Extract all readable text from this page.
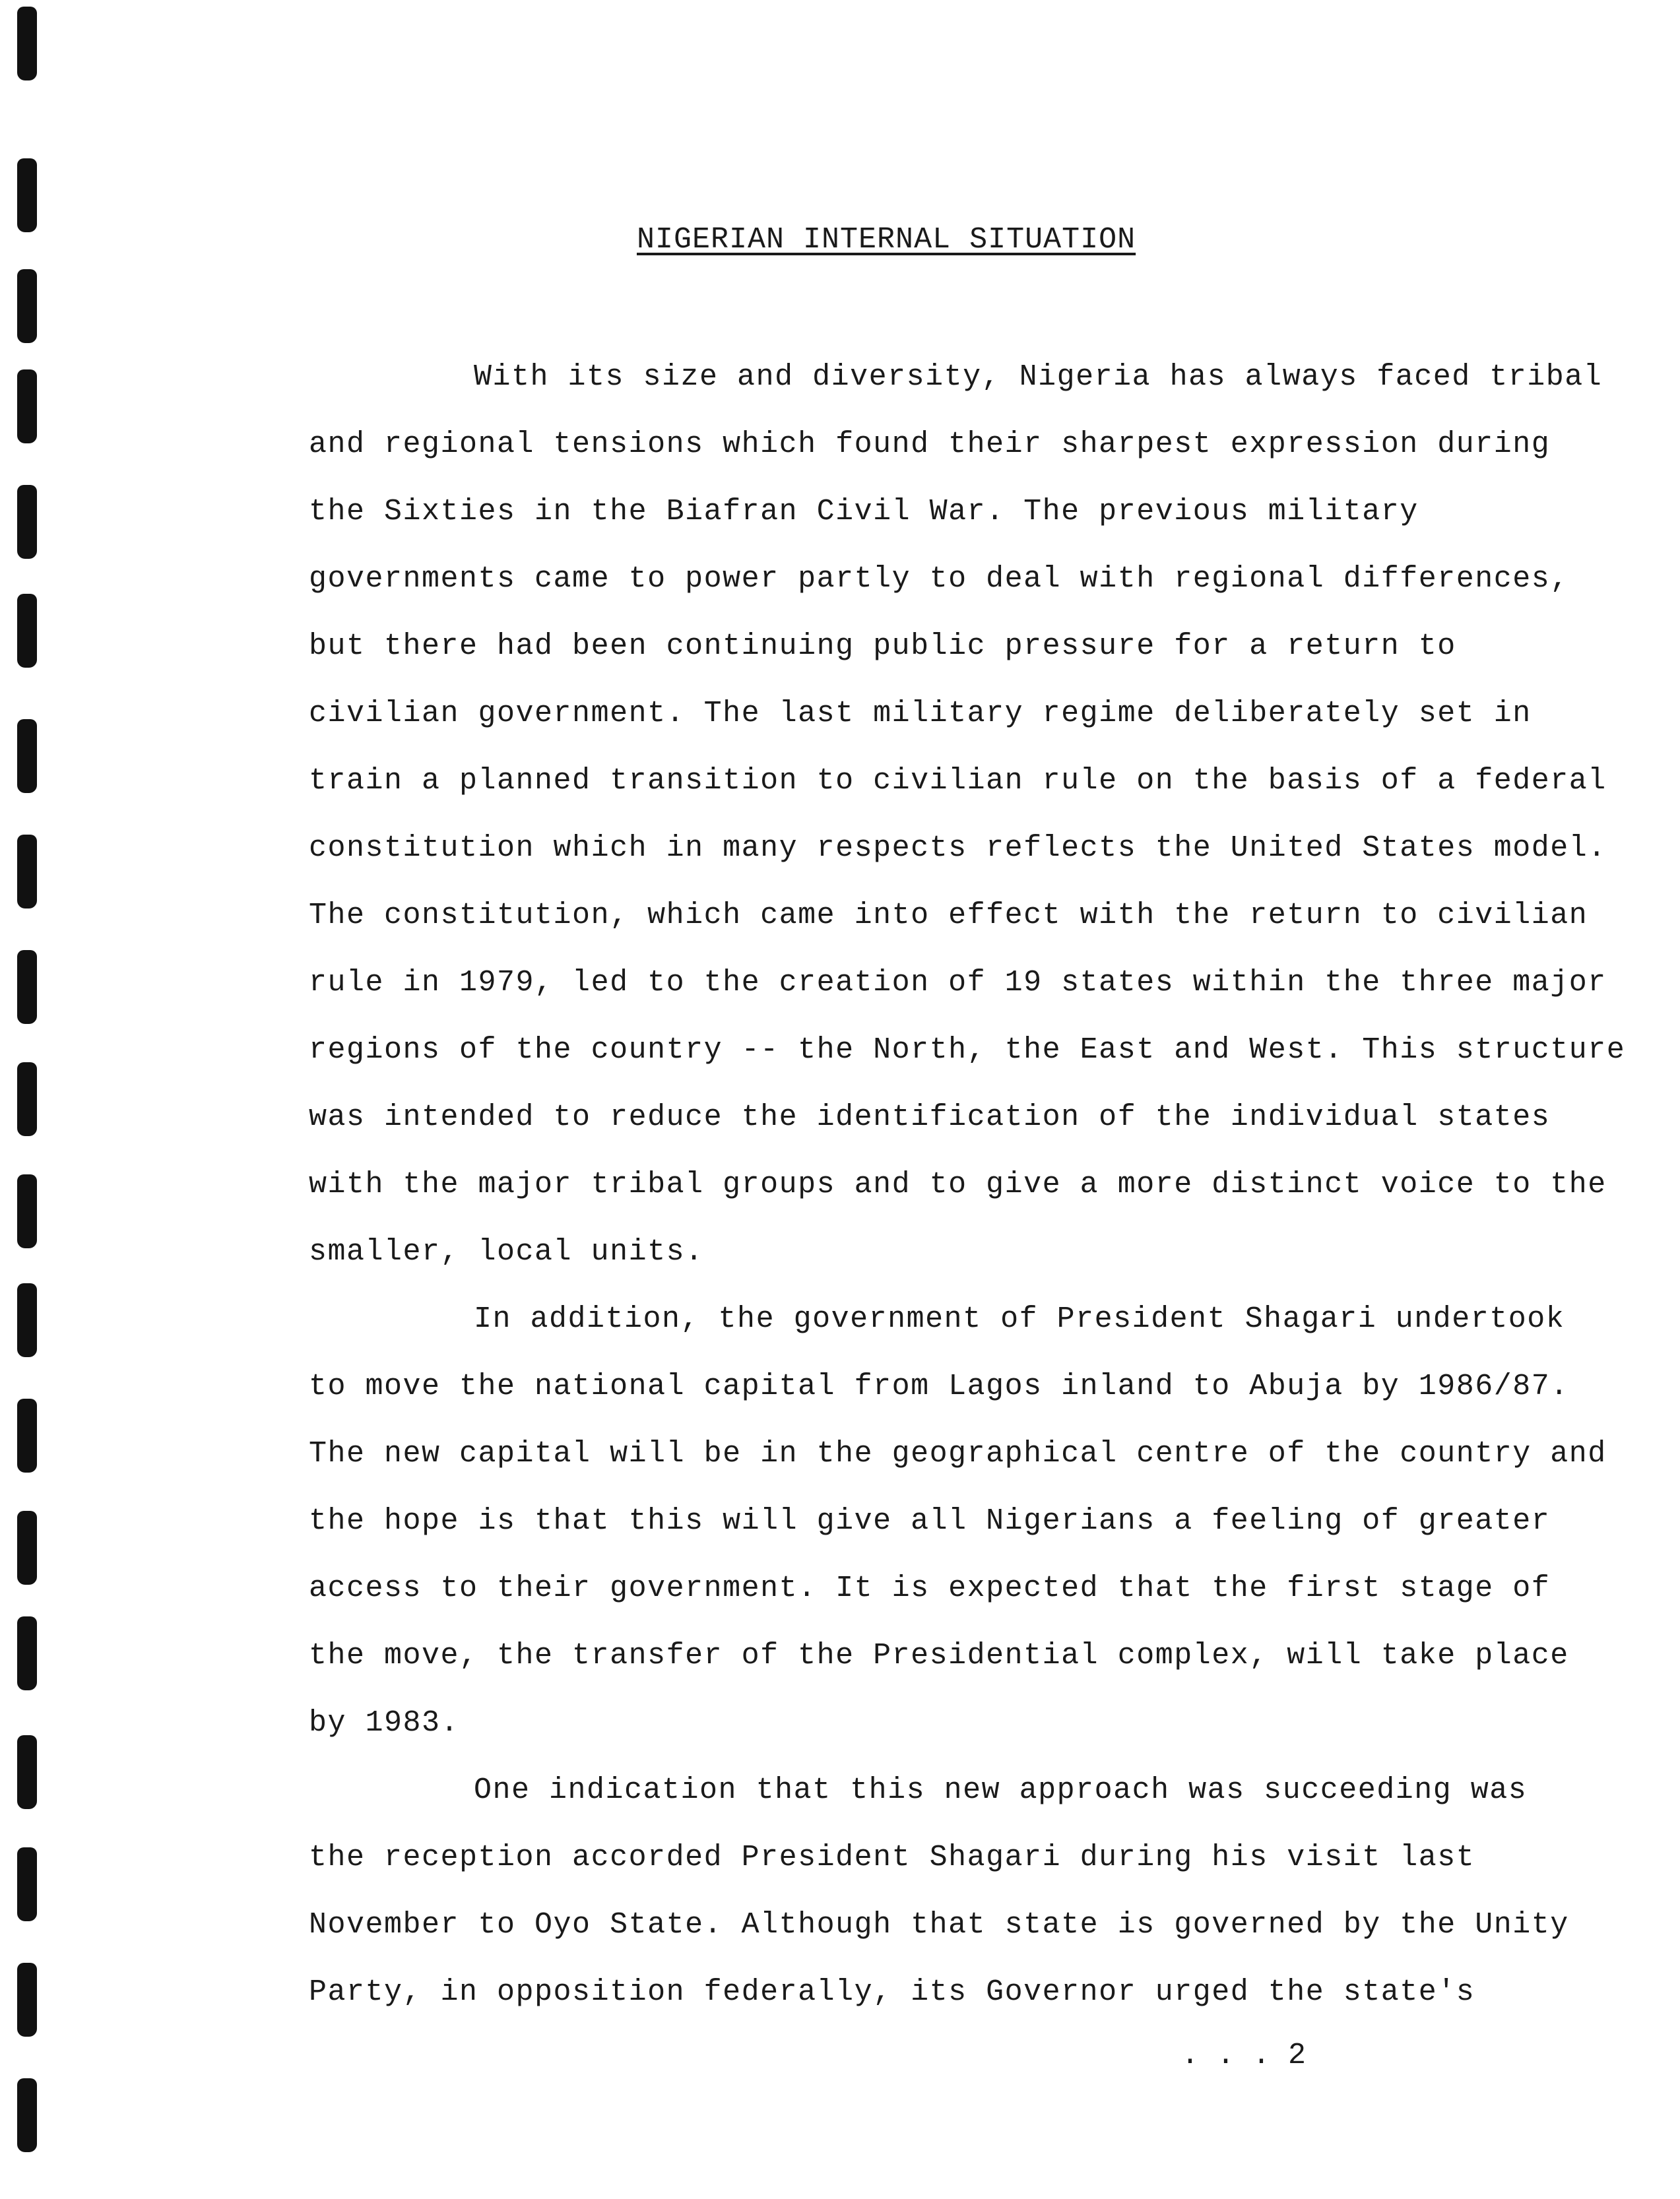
NIGERIAN INTERNAL SITUATION
With its size and diversity, Nigeria has always faced tribal
and regional tensions which found their sharpest expression during
the Sixties in the Biafran Civil War. The previous military
governments came to power partly to deal with regional differences,
but there had been continuing public pressure for a return to
civilian government. The last military regime deliberately set in
train a planned transition to civilian rule on the basis of a federal
constitution which in many respects reflects the United States model.
The constitution, which came into effect with the return to civilian
rule in 1979, led to the creation of 19 states within the three major
regions of the country -- the North, the East and West. This structure
was intended to reduce the identification of the individual states
with the major tribal groups and to give a more distinct voice to the
smaller, local units.
In addition, the government of President Shagari undertook
to move the national capital from Lagos inland to Abuja by 1986/87.
The new capital will be in the geographical centre of the country and
the hope is that this will give all Nigerians a feeling of greater
access to their government. It is expected that the first stage of
the move, the transfer of the Presidential complex, will take place
by 1983.
One indication that this new approach was succeeding was
the reception accorded President Shagari during his visit last
November to Oyo State. Although that state is governed by the Unity
Party, in opposition federally, its Governor urged the state's
. . . 2
